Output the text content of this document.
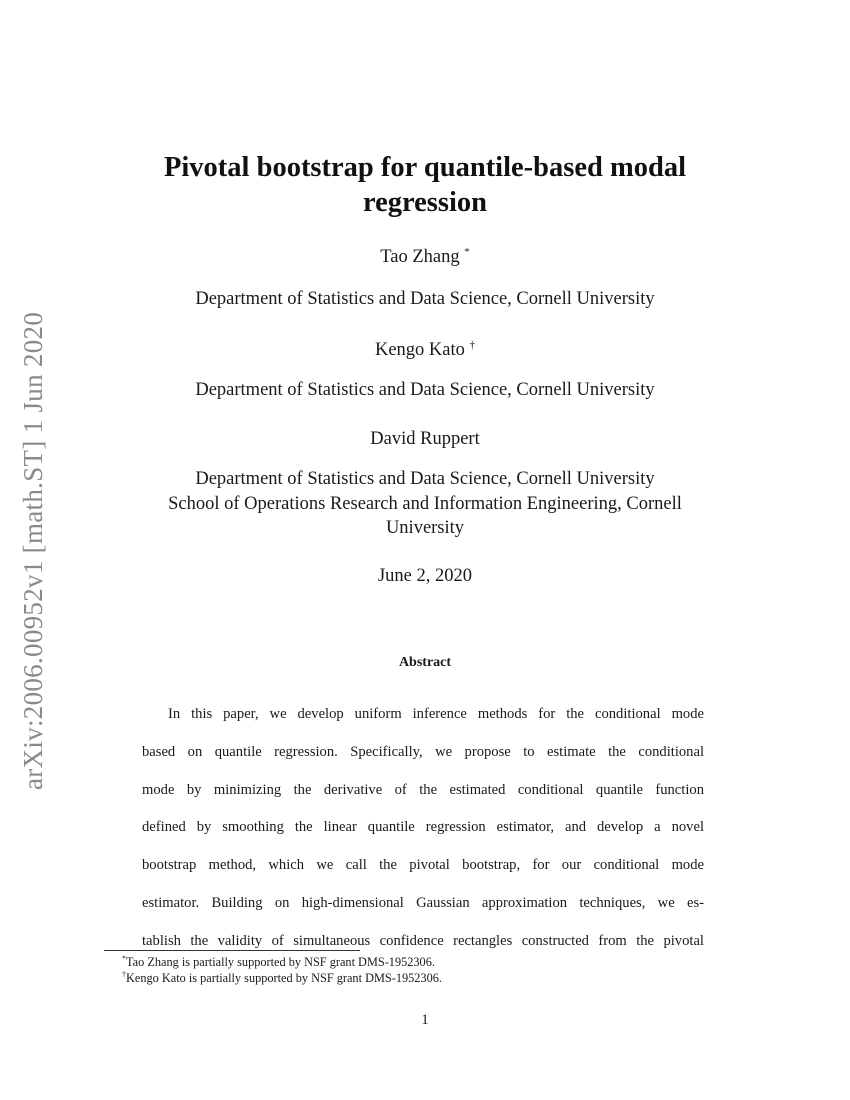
arXiv:2006.00952v1 [math.ST] 1 Jun 2020
Pivotal bootstrap for quantile-based modal
regression
Tao Zhang *
Department of Statistics and Data Science, Cornell University
Kengo Kato †
Department of Statistics and Data Science, Cornell University
David Ruppert
Department of Statistics and Data Science, Cornell University
School of Operations Research and Information Engineering, Cornell
University
June 2, 2020
Abstract
In this paper, we develop uniform inference methods for the conditional mode
based on quantile regression. Specifically, we propose to estimate the conditional
mode by minimizing the derivative of the estimated conditional quantile function
defined by smoothing the linear quantile regression estimator, and develop a novel
bootstrap method, which we call the pivotal bootstrap, for our conditional mode
estimator. Building on high-dimensional Gaussian approximation techniques, we es-
tablish the validity of simultaneous confidence rectangles constructed from the pivotal
*Tao Zhang is partially supported by NSF grant DMS-1952306.
†Kengo Kato is partially supported by NSF grant DMS-1952306.
1
